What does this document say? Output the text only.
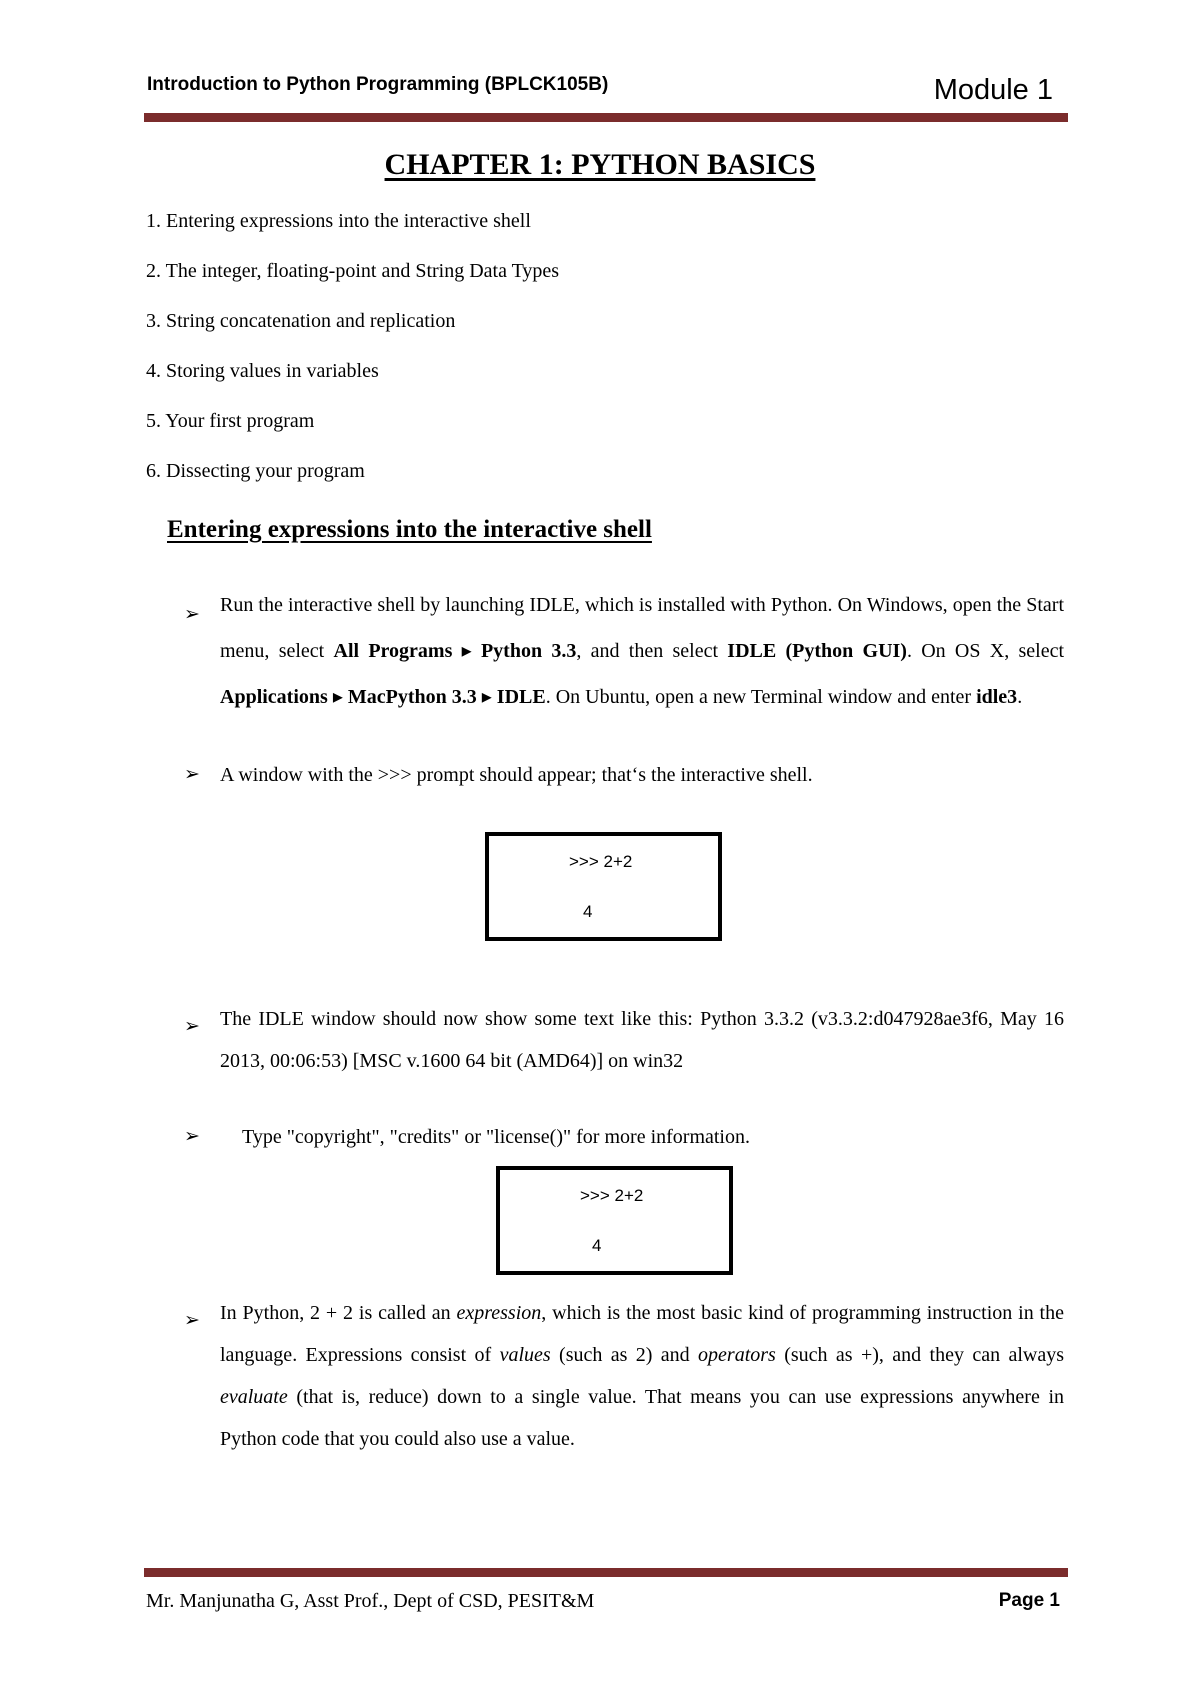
Introduction to Python Programming (BPLCK105B)	Module 1
CHAPTER 1: PYTHON BASICS
1. Entering expressions into the interactive shell
2. The integer, floating-point and String Data Types
3. String concatenation and replication
4. Storing values in variables
5. Your first program
6. Dissecting your program
Entering expressions into the interactive shell
➢	Run the interactive shell by launching IDLE, which is installed with Python. On Windows, open the Start menu, select All Programs ▸ Python 3.3, and then select IDLE (Python GUI). On OS X, select Applications ▸ MacPython 3.3 ▸ IDLE. On Ubuntu, open a new Terminal window and enter idle3.
➢	A window with the >>> prompt should appear; that‘s the interactive shell.
>>> 2+2
4
➢	The IDLE window should now show some text like this: Python 3.3.2 (v3.3.2:d047928ae3f6, May 16 2013, 00:06:53) [MSC v.1600 64 bit (AMD64)] on win32
➢	Type "copyright", "credits" or "license()" for more information.
>>> 2+2
4
➢	In Python, 2 + 2 is called an expression, which is the most basic kind of programming instruction in the language. Expressions consist of values (such as 2) and operators (such as +), and they can always evaluate (that is, reduce) down to a single value. That means you can use expressions anywhere in Python code that you could also use a value.
Mr. Manjunatha G, Asst Prof., Dept of CSD, PESIT&M	Page 1
